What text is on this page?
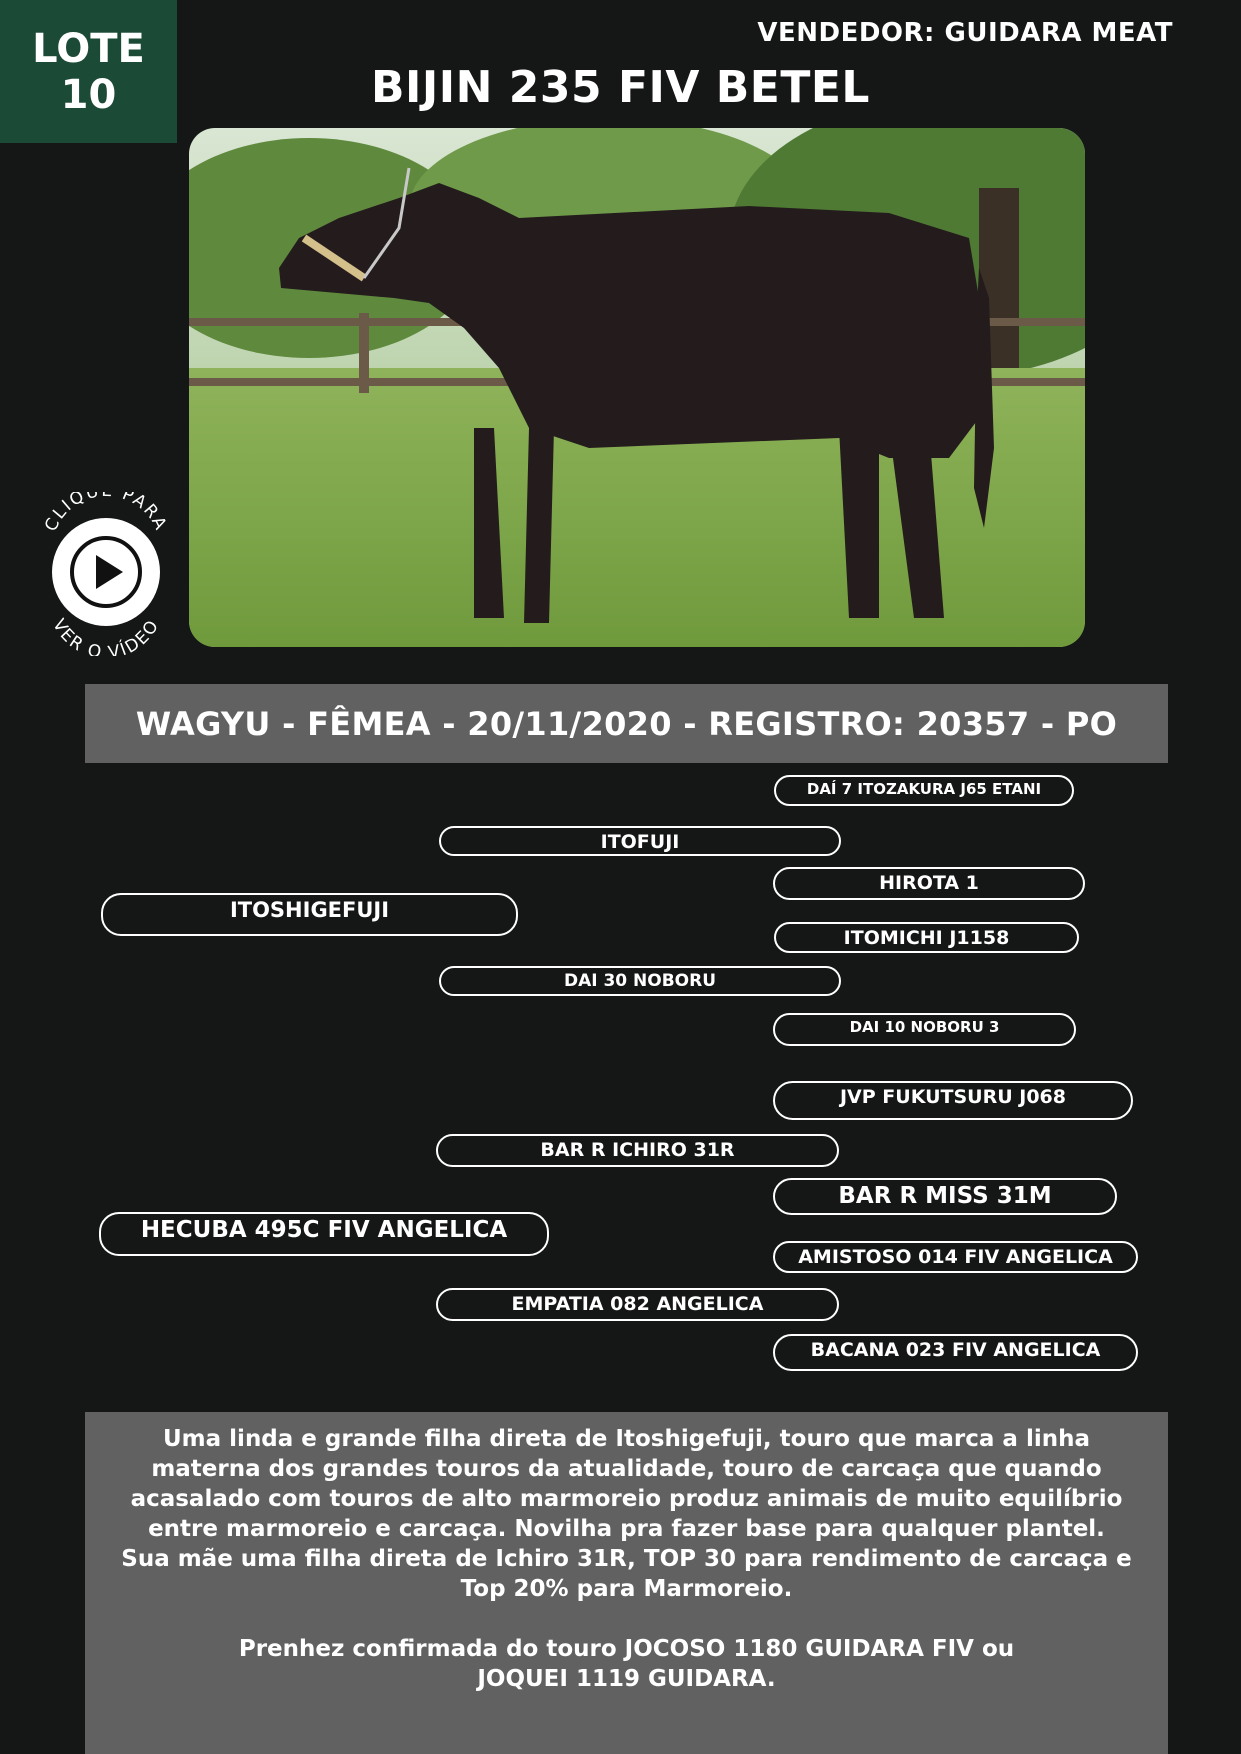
LOTE
10
VENDEDOR: GUIDARA MEAT
BIJIN 235 FIV BETEL
CLIQU PARA
VER O VÍDEO
WAGYU - FÊMEA - 20/11/2020 - REGISTRO: 20357 - PO
DAÍ 7 ITOZAKURA J65 ETANI
ITOFUJI
HIROTA 1
ITOSHIGEFUJI
ITOMICHI J1158
DAI 30 NOBORU
DAI 10 NOBORU 3
JVP FUKUTSURU J068
BAR R ICHIRO 31R
BAR R MISS 31M
HECUBA 495C FIV ANGELICA
AMISTOSO 014 FIV ANGELICA
EMPATIA 082 ANGELICA
BACANA 023 FIV ANGELICA

Uma linda e grande filha direta de Itoshigefuji, touro que marca a linha

materna dos grandes touros da atualidade, touro de carcaça que quando

acasalado com touros de alto marmoreio produz animais de muito equilíbrio

entre marmoreio e carcaça. Novilha pra fazer base para qualquer plantel.

Sua mãe uma filha direta de Ichiro 31R, TOP 30 para rendimento de carcaça e

Top 20% para Marmoreio.

Prenhez confirmada do touro JOCOSO 1180 GUIDARA FIV ou

JOQUEI 1119 GUIDARA.
